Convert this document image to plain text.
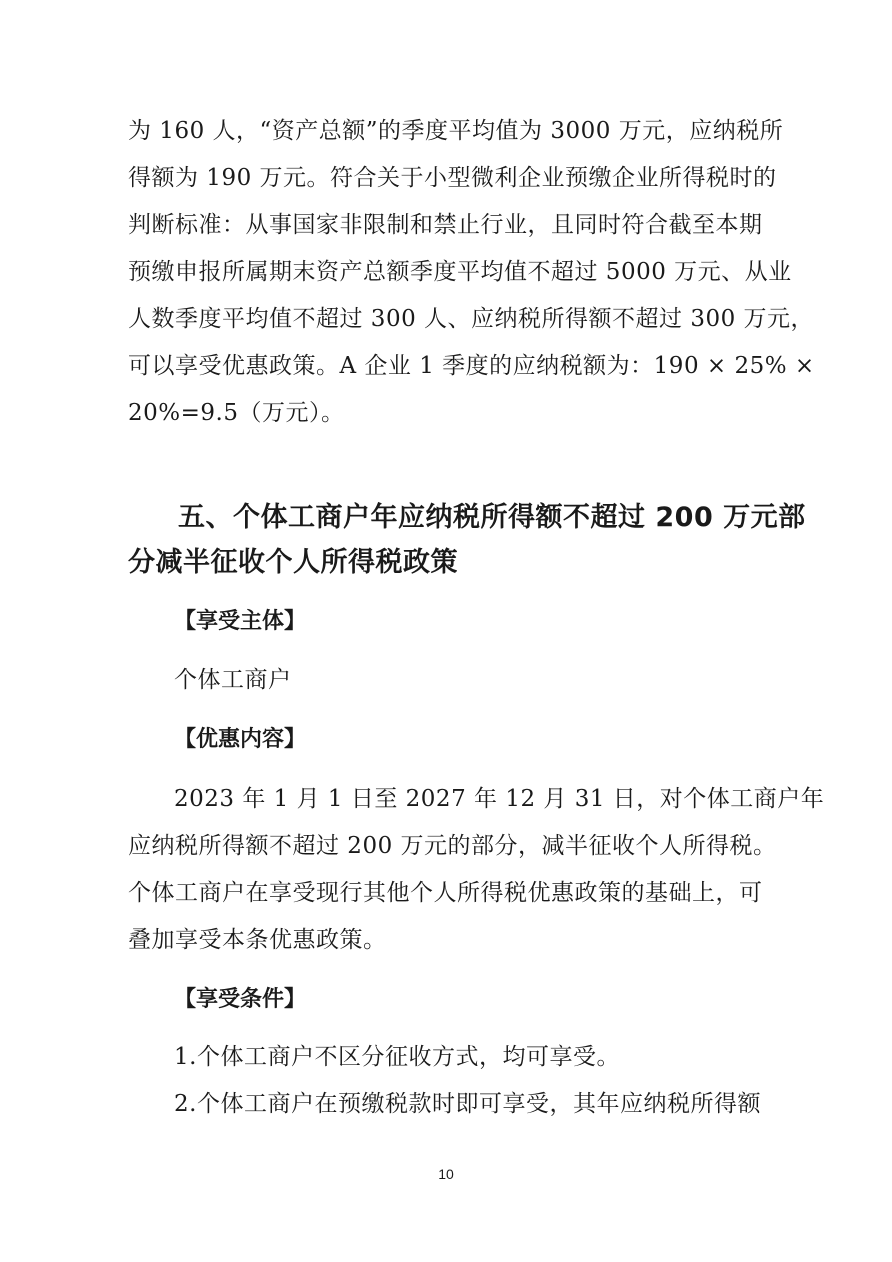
为 160 人，“资产总额”的季度平均值为 3000 万元，应纳税所
得额为 190 万元。符合关于小型微利企业预缴企业所得税时的
判断标准：从事国家非限制和禁止行业，且同时符合截至本期
预缴申报所属期末资产总额季度平均值不超过 5000 万元、从业
人数季度平均值不超过 300 人、应纳税所得额不超过 300 万元，
可以享受优惠政策。A 企业 1 季度的应纳税额为：190 × 25% ×
20%=9.5（万元）。
五、个体工商户年应纳税所得额不超过 200 万元部
分减半征收个人所得税政策
【享受主体】
个体工商户
【优惠内容】
2023 年 1 月 1 日至 2027 年 12 月 31 日，对个体工商户年
应纳税所得额不超过 200 万元的部分，减半征收个人所得税。
个体工商户在享受现行其他个人所得税优惠政策的基础上，可
叠加享受本条优惠政策。
【享受条件】
1.个体工商户不区分征收方式，均可享受。
2.个体工商户在预缴税款时即可享受，其年应纳税所得额
10
